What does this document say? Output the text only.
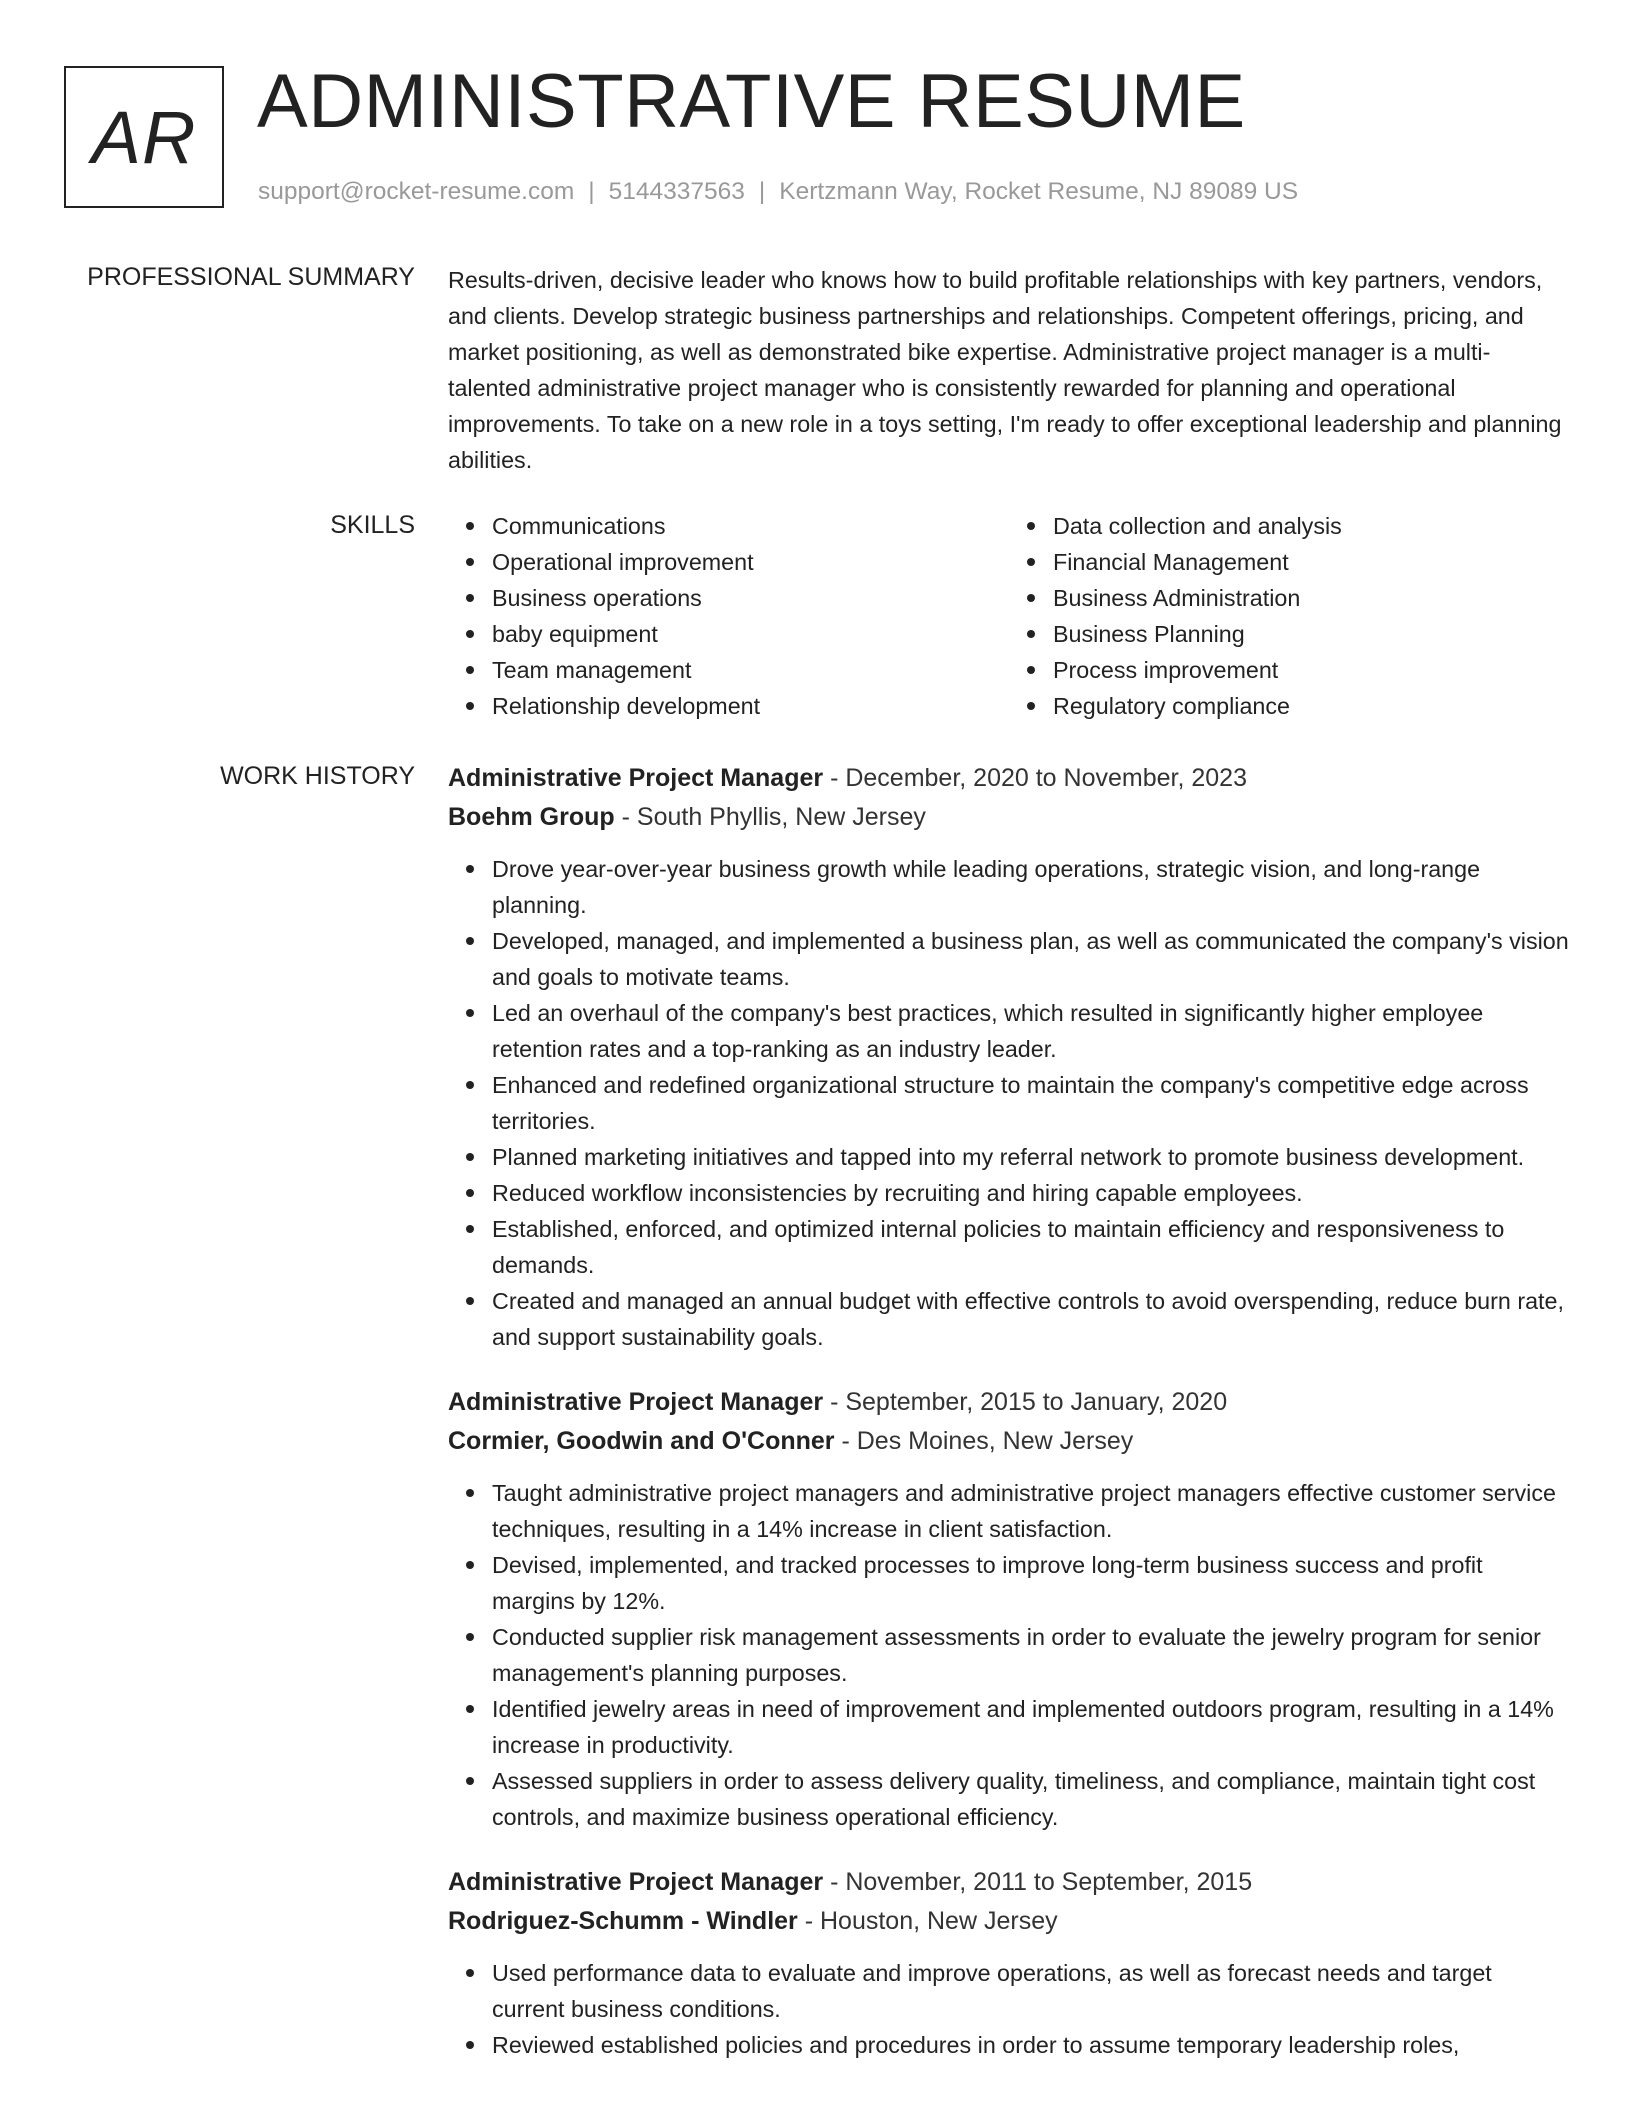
AR ADMINISTRATIVE RESUME
support@rocket-resume.com | 5144337563 | Kertzmann Way, Rocket Resume, NJ 89089 US
PROFESSIONAL SUMMARY Results-driven, decisive leader who knows how to build profitable relationships with key partners, vendors, and clients. Develop strategic business partnerships and relationships. Competent offerings, pricing, and market positioning, as well as demonstrated bike expertise. Administrative project manager is a multi-talented administrative project manager who is consistently rewarded for planning and operational improvements. To take on a new role in a toys setting, I'm ready to offer exceptional leadership and planning abilities.

SKILLS	Communications
Operational improvement
Business operations
baby equipment
Team management
Relationship development
Data collection and analysis
Financial Management
Business Administration
Business Planning
Process improvement
Regulatory compliance
WORK HISTORY Administrative Project Manager - December, 2020 to November, 2023
Boehm Group - South Phyllis, New Jersey
Drove year-over-year business growth while leading operations, strategic vision, and long-range planning.
Developed, managed, and implemented a business plan, as well as communicated the company's vision and goals to motivate teams.
Led an overhaul of the company's best practices, which resulted in significantly higher employee retention rates and a top-ranking as an industry leader.
Enhanced and redefined organizational structure to maintain the company's competitive edge across territories.
Planned marketing initiatives and tapped into my referral network to promote business development.
Reduced workflow inconsistencies by recruiting and hiring capable employees.
Established, enforced, and optimized internal policies to maintain efficiency and responsiveness to demands.
Created and managed an annual budget with effective controls to avoid overspending, reduce burn rate, and support sustainability goals.
Administrative Project Manager - September, 2015 to January, 2020
Cormier, Goodwin and O'Conner - Des Moines, New Jersey
Taught administrative project managers and administrative project managers effective customer service techniques, resulting in a 14% increase in client satisfaction.
Devised, implemented, and tracked processes to improve long-term business success and profit margins by 12%.
Conducted supplier risk management assessments in order to evaluate the jewelry program for senior management's planning purposes.
Identified jewelry areas in need of improvement and implemented outdoors program, resulting in a 14% increase in productivity.
Assessed suppliers in order to assess delivery quality, timeliness, and compliance, maintain tight cost controls, and maximize business operational efficiency.
Administrative Project Manager - November, 2011 to September, 2015
Rodriguez-Schumm - Windler - Houston, New Jersey
Used performance data to evaluate and improve operations, as well as forecast needs and target current business conditions.
Reviewed established policies and procedures in order to assume temporary leadership roles,
